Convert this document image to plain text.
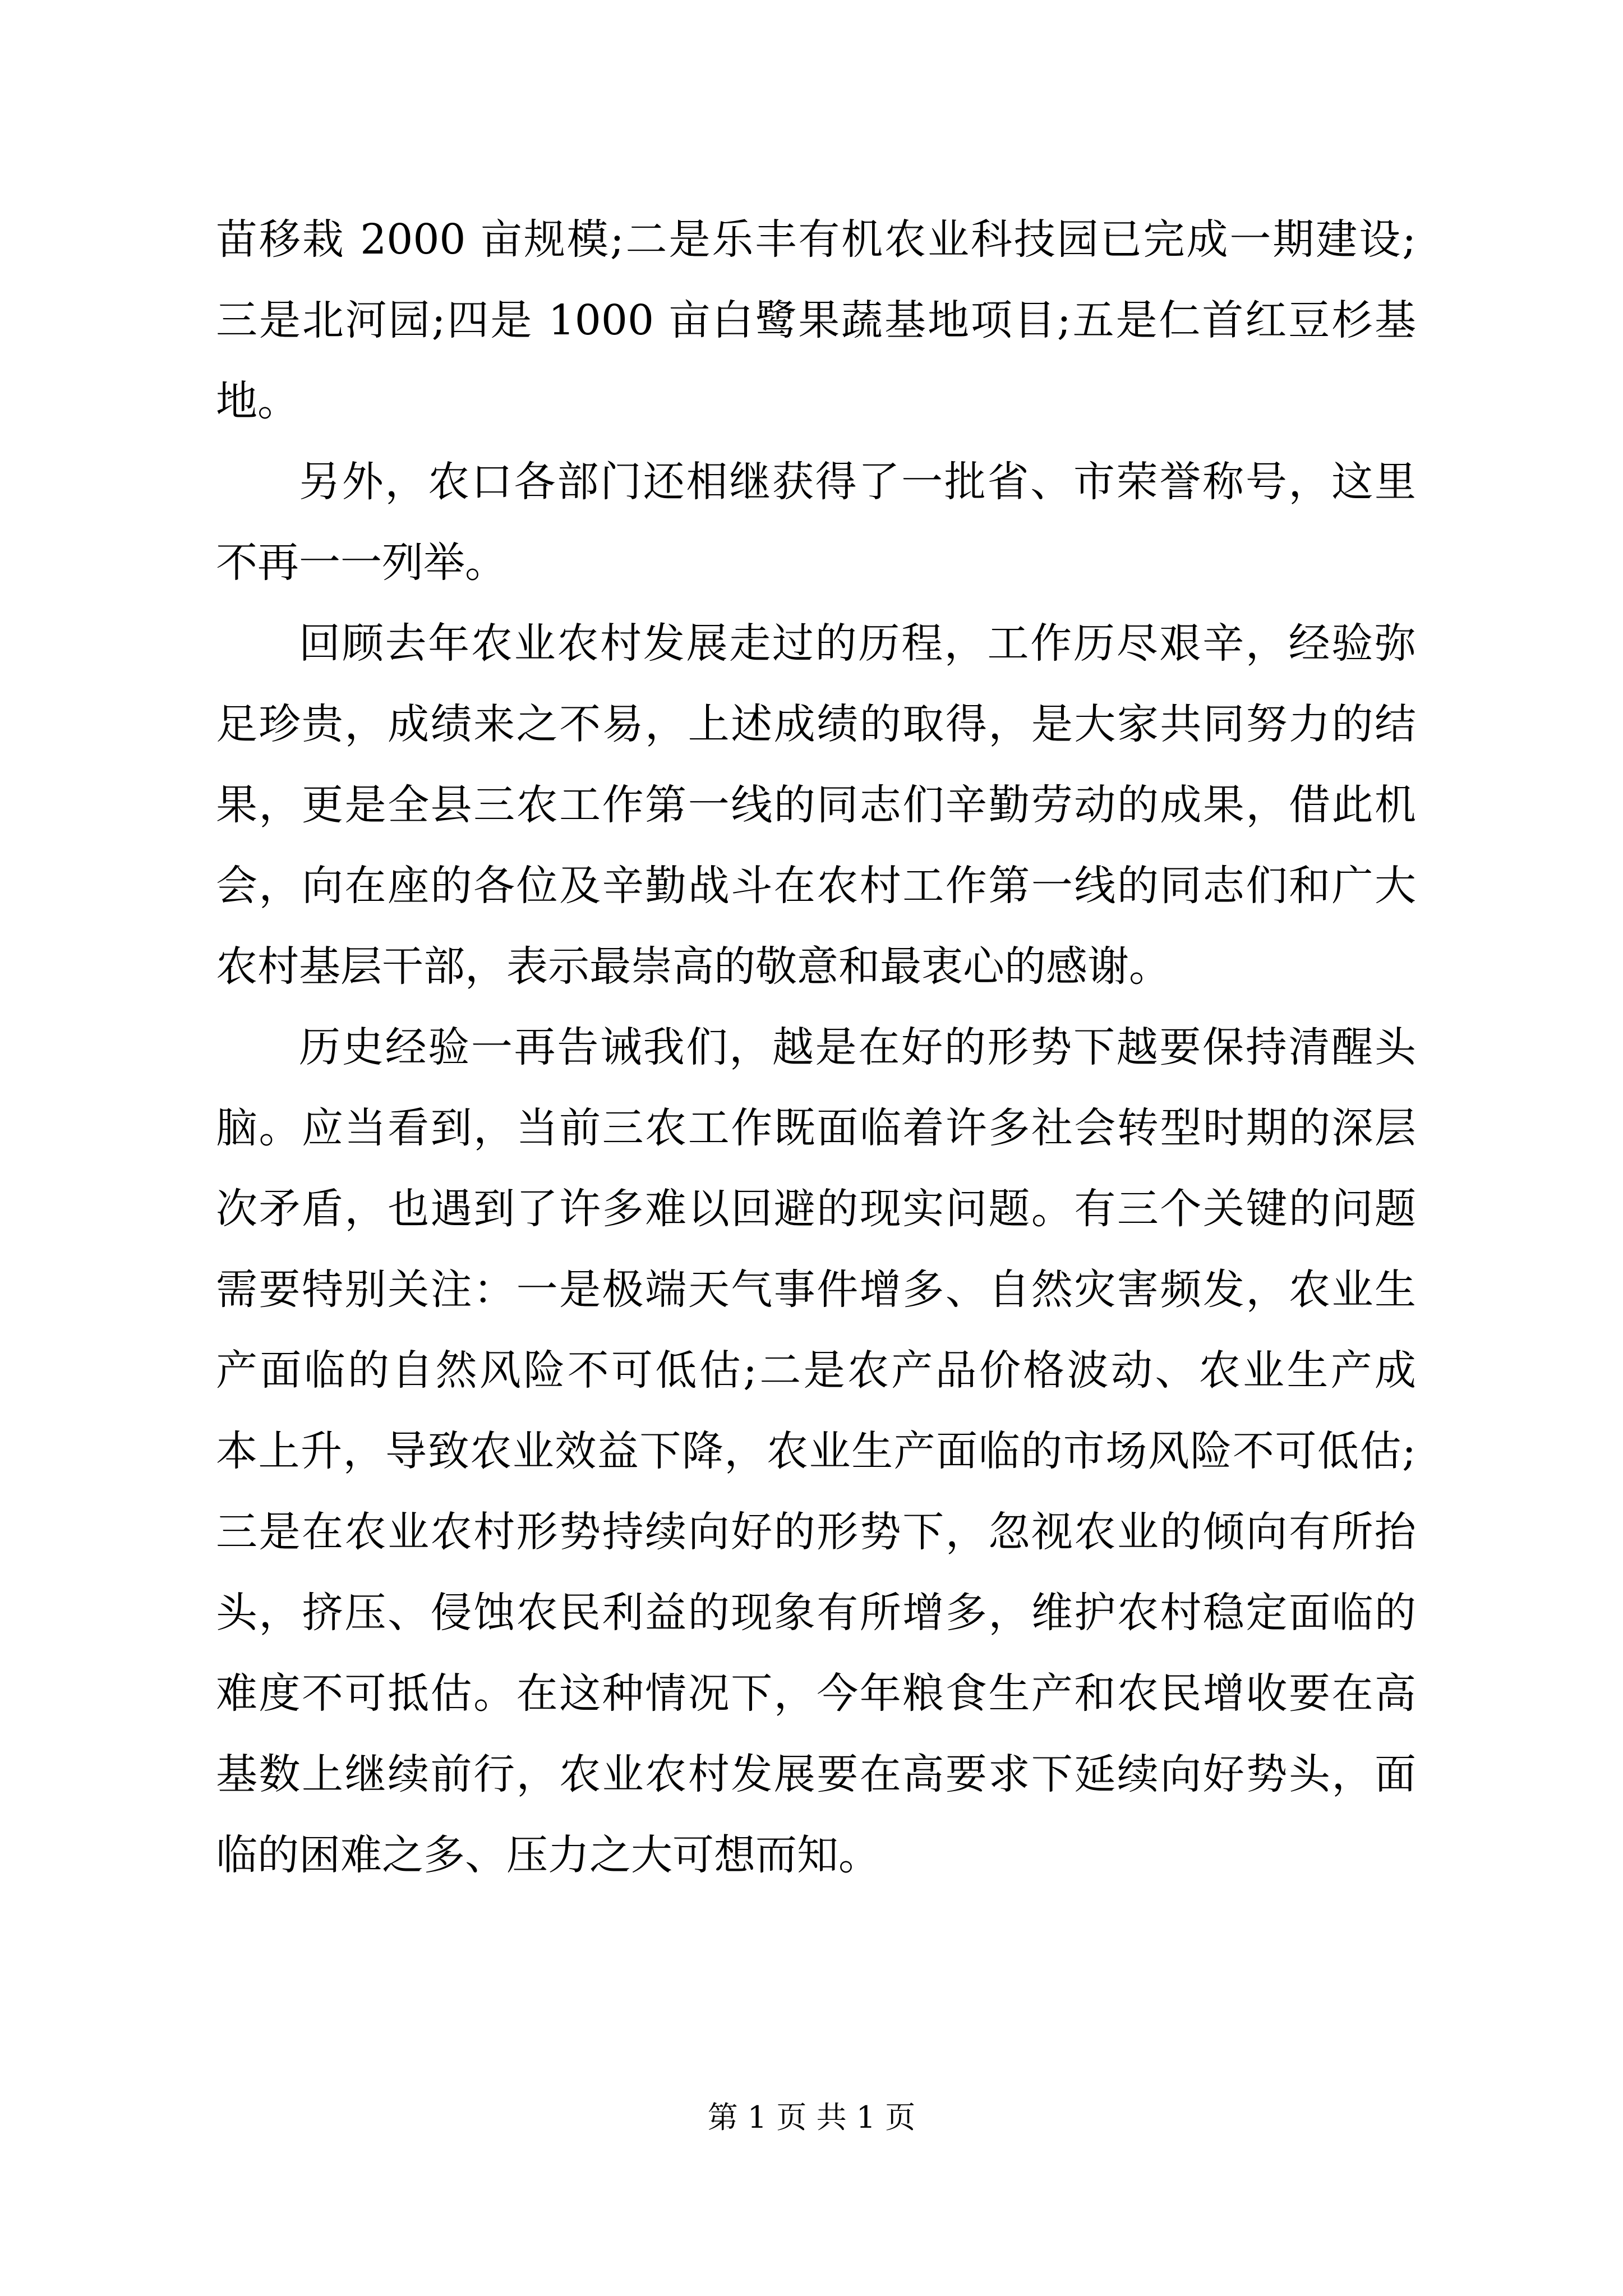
苗移栽 2000 亩规模;二是乐丰有机农业科技园已完成一期建设;
三是北河园;四是 1000 亩白鹭果蔬基地项目;五是仁首红豆杉基
地。
另外，农口各部门还相继获得了一批省、市荣誉称号，这里
不再一一列举。
回顾去年农业农村发展走过的历程，工作历尽艰辛，经验弥
足珍贵，成绩来之不易，上述成绩的取得，是大家共同努力的结
果，更是全县三农工作第一线的同志们辛勤劳动的成果，借此机
会，向在座的各位及辛勤战斗在农村工作第一线的同志们和广大
农村基层干部，表示最崇高的敬意和最衷心的感谢。
历史经验一再告诫我们，越是在好的形势下越要保持清醒头
脑。应当看到，当前三农工作既面临着许多社会转型时期的深层
次矛盾，也遇到了许多难以回避的现实问题。有三个关键的问题
需要特别关注：一是极端天气事件增多、自然灾害频发，农业生
产面临的自然风险不可低估;二是农产品价格波动、农业生产成
本上升，导致农业效益下降，农业生产面临的市场风险不可低估;
三是在农业农村形势持续向好的形势下，忽视农业的倾向有所抬
头，挤压、侵蚀农民利益的现象有所增多，维护农村稳定面临的
难度不可抵估。在这种情况下，今年粮食生产和农民增收要在高
基数上继续前行，农业农村发展要在高要求下延续向好势头，面
临的困难之多、压力之大可想而知。
第 1 页 共 1 页
